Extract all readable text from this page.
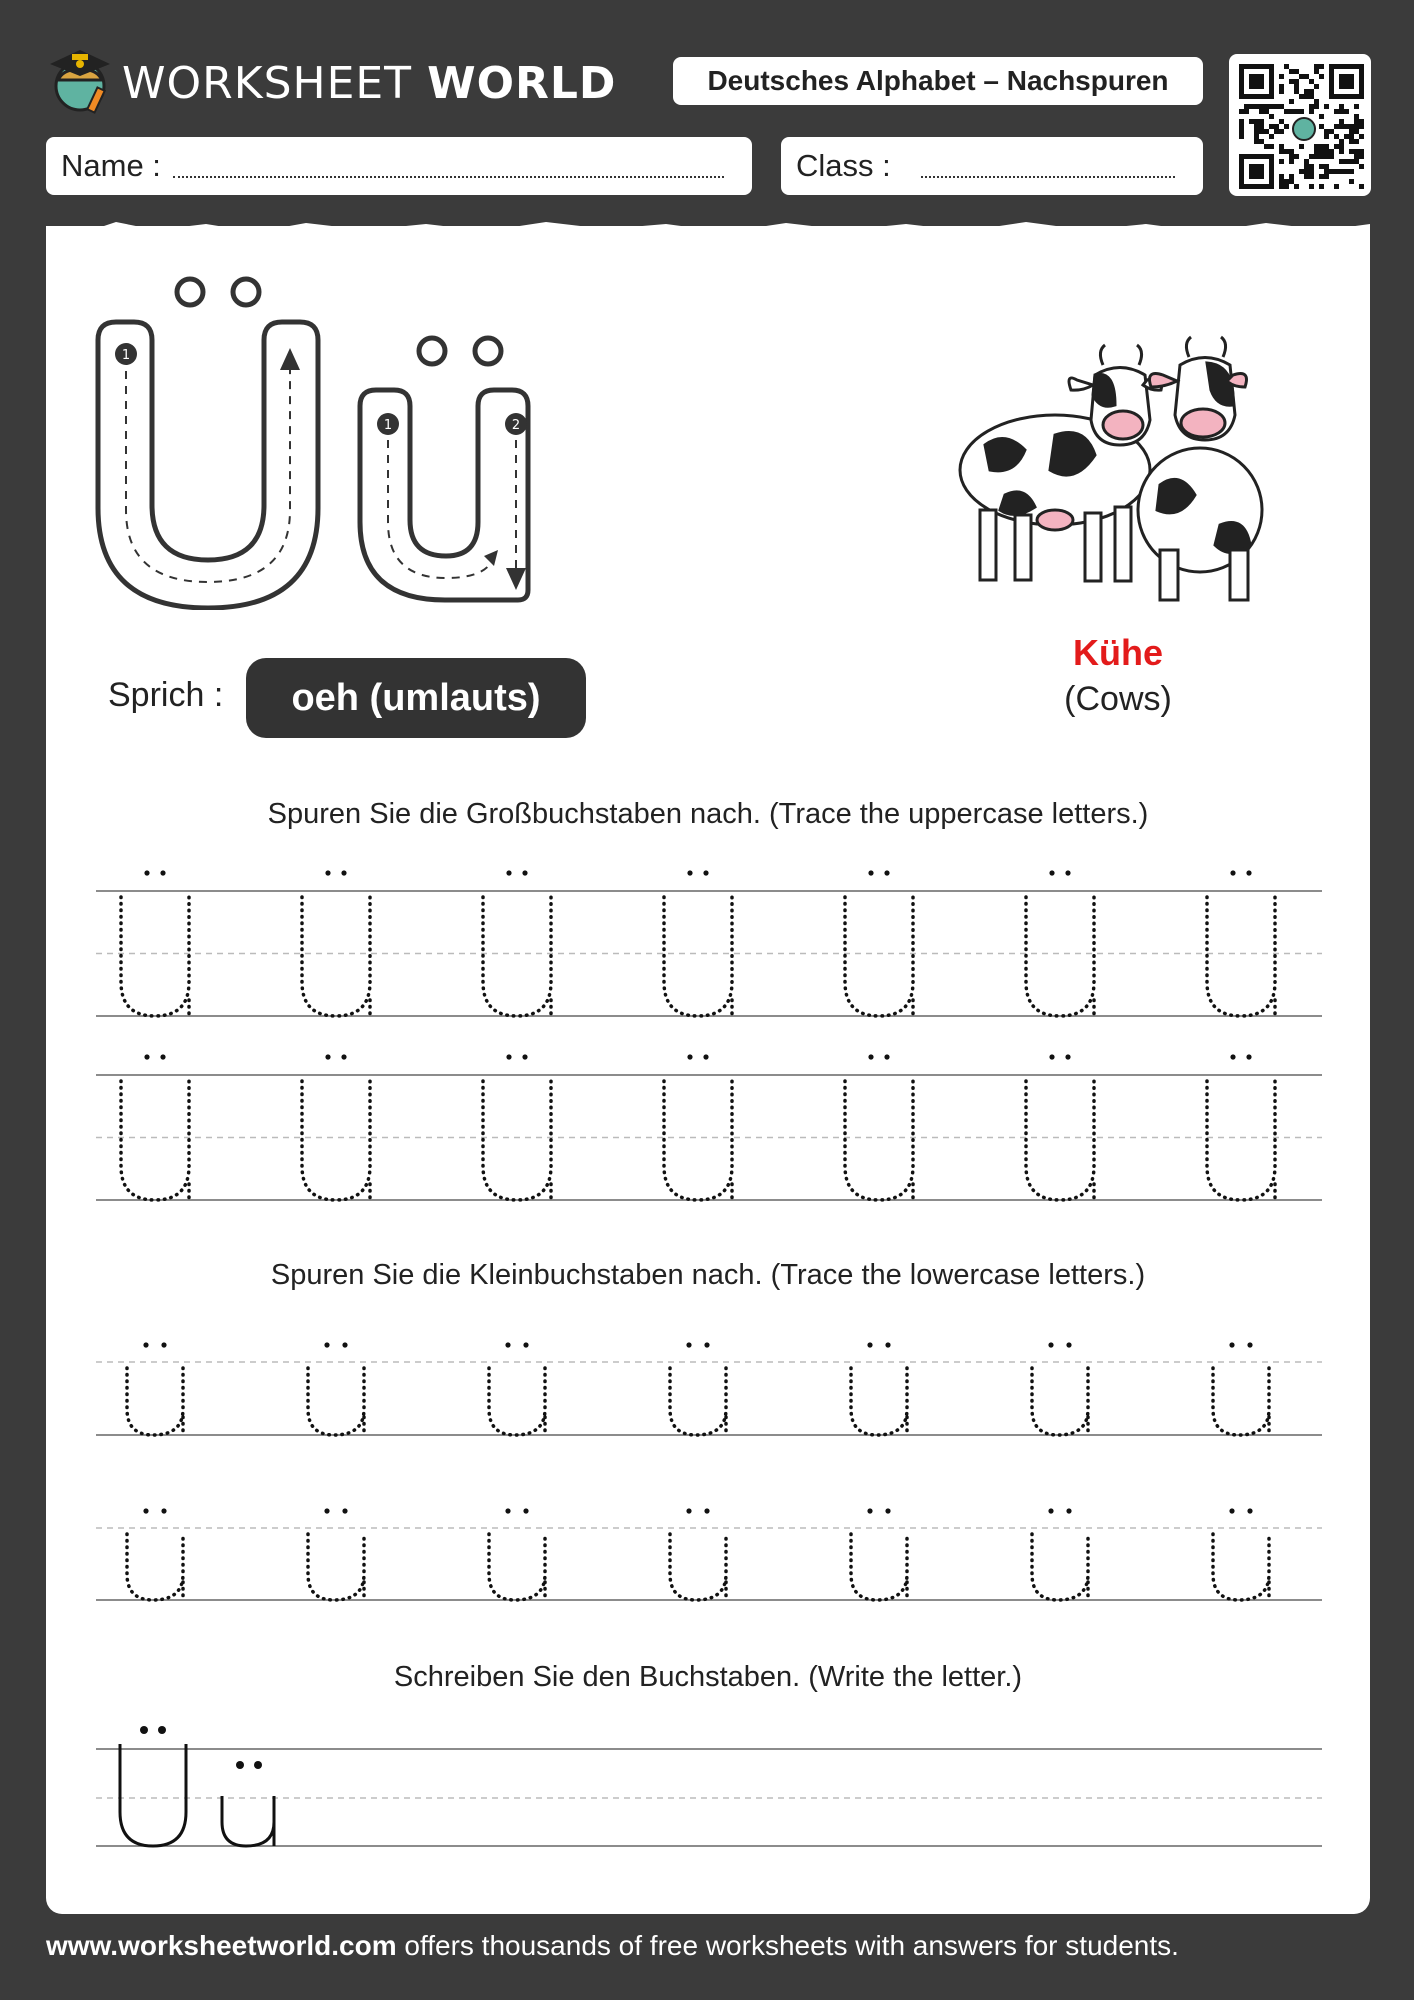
WORKSHEET WORLD	Deutsches Alphabet – Nachspuren
Name :	Class :
1
1	2
Kühe
(Cows)
Sprich :	oeh (umlauts)
Spuren Sie die Großbuchstaben nach. (Trace the uppercase letters.)
Spuren Sie die Kleinbuchstaben nach. (Trace the lowercase letters.)
Schreiben Sie den Buchstaben. (Write the letter.)
www.worksheetworld.com offers thousands of free worksheets with answers for students.
